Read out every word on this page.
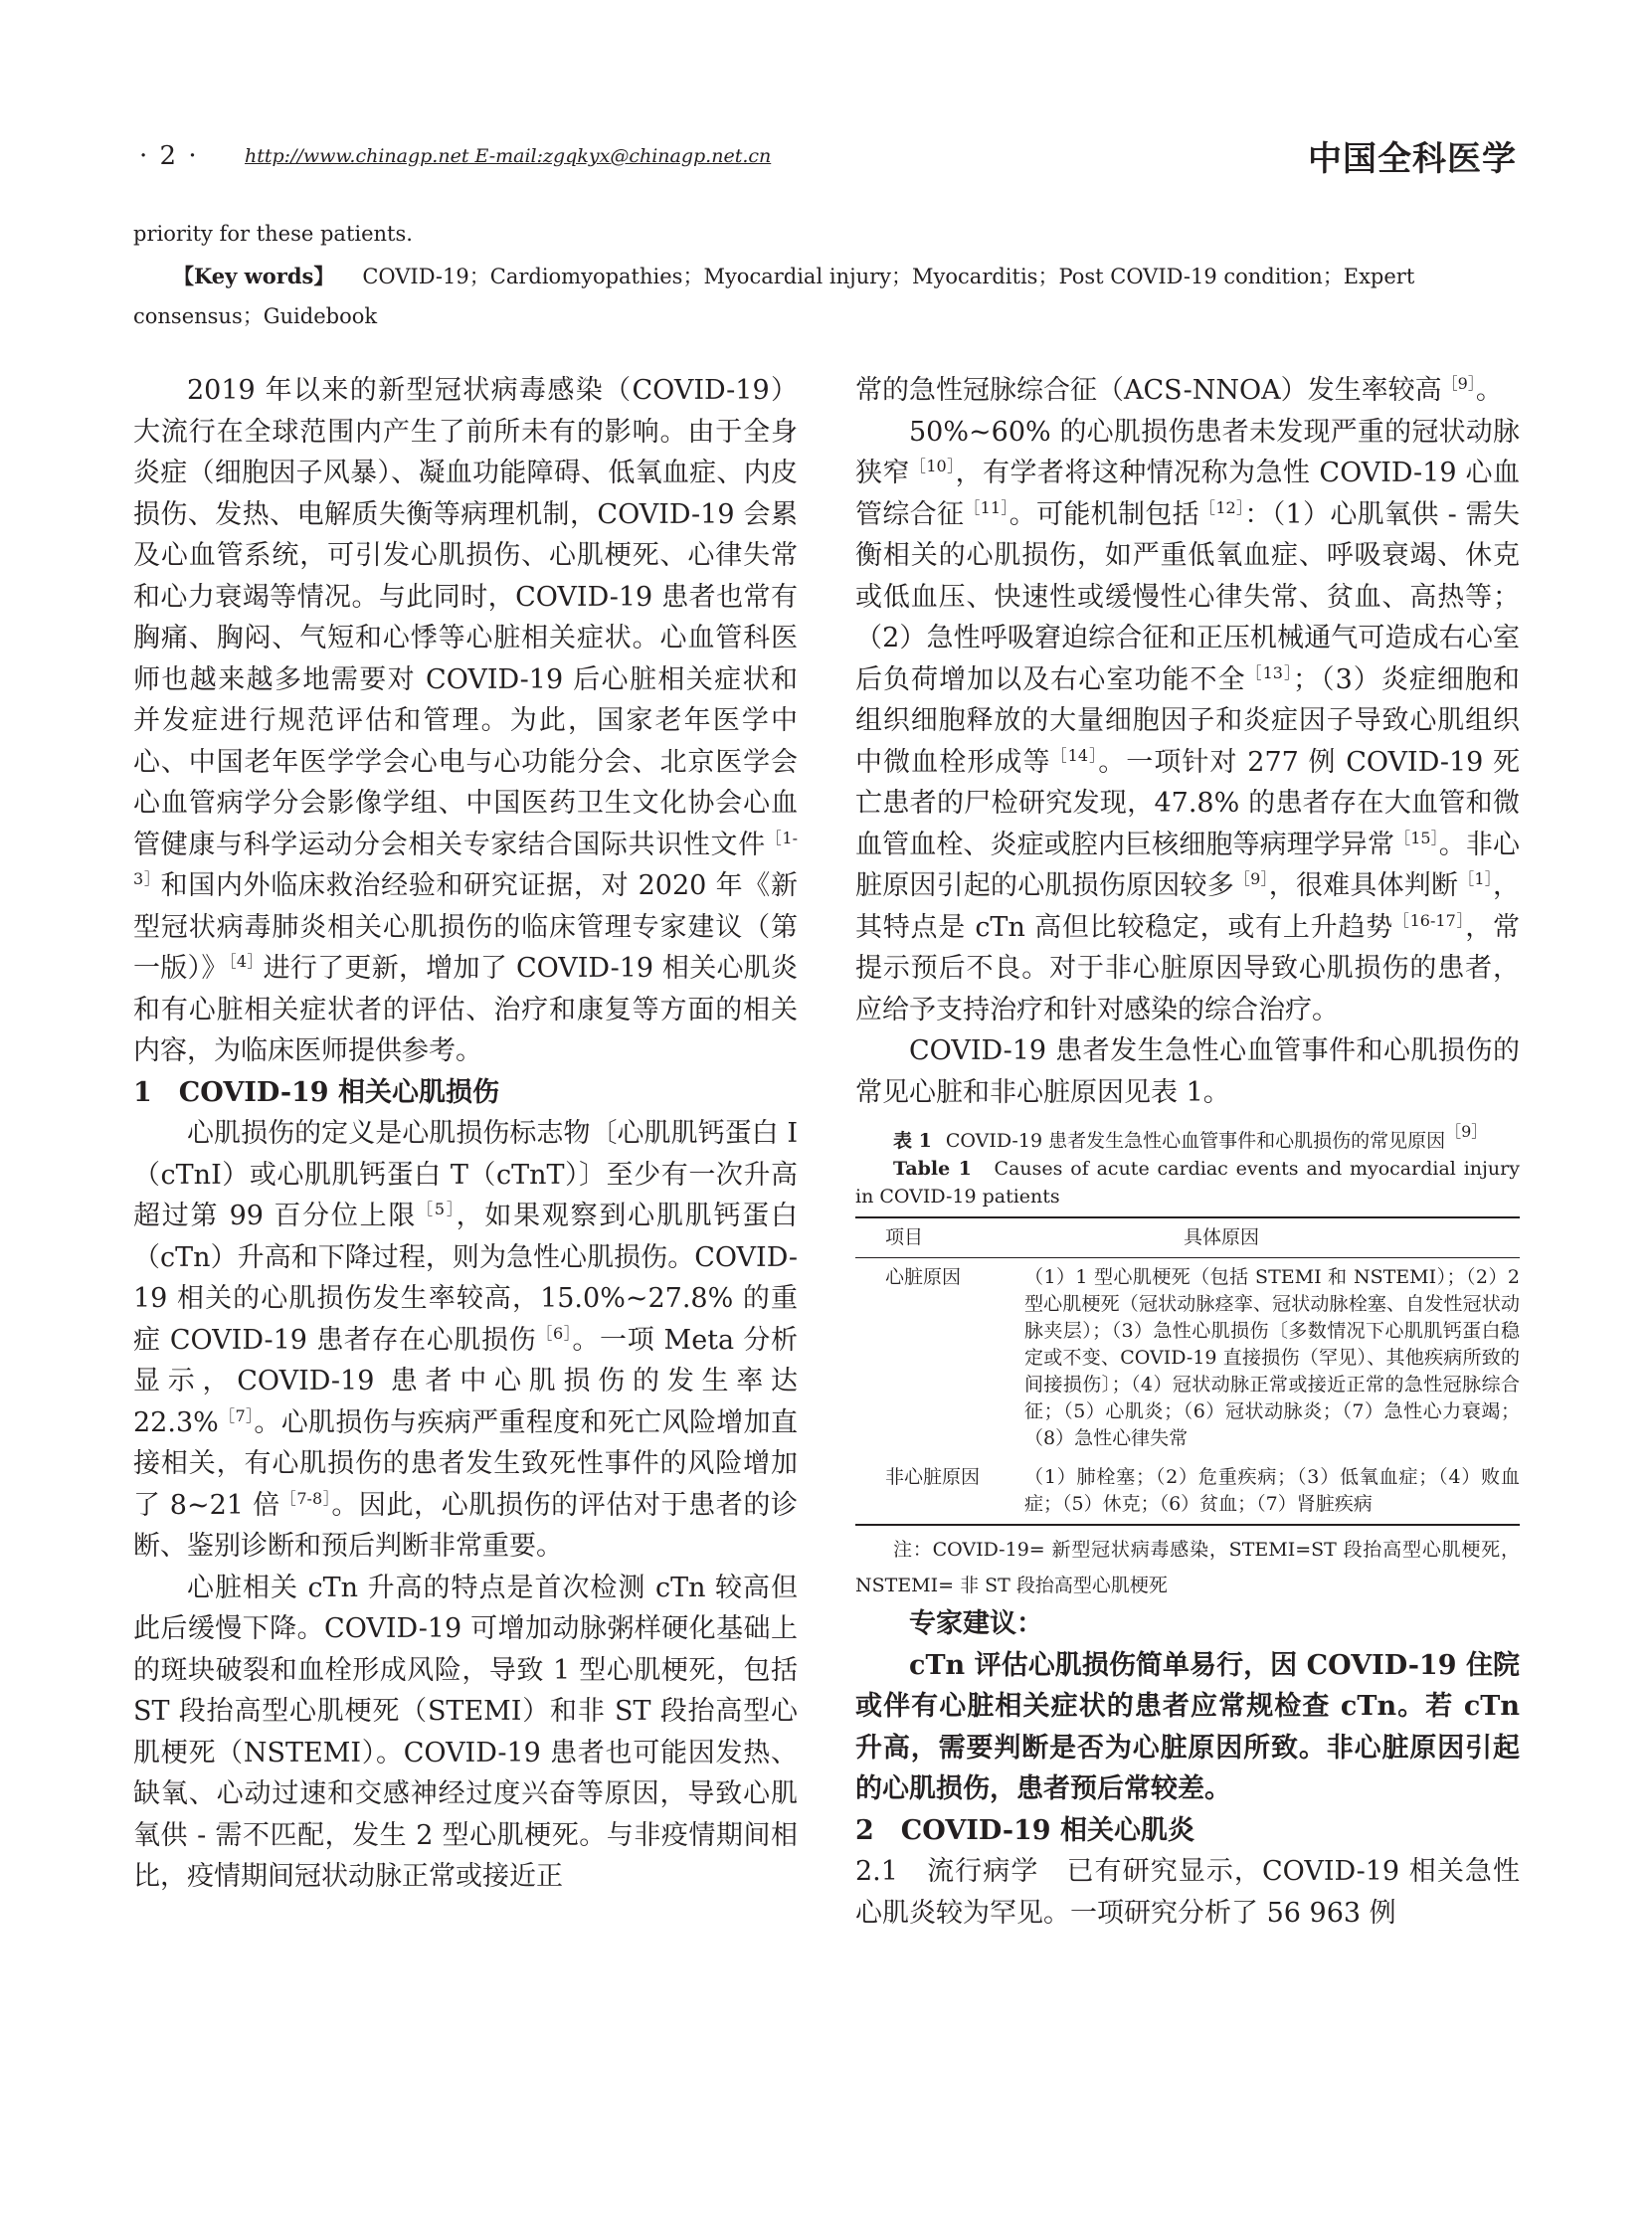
· 2 · http://www.chinagp.net E-mail:zgqkyx@chinagp.net.cn	中国全科医学
priority for these patients.
【Key words】 COVID-19；Cardiomyopathies；Myocardial injury；Myocarditis；Post COVID-19 condition；Expert consensus；Guidebook

2019 年以来的新型冠状病毒感染（COVID-19）大流行在全球范围内产生了前所未有的影响。由于全身炎症（细胞因子风暴）、凝血功能障碍、低氧血症、内皮损伤、发热、电解质失衡等病理机制，COVID-19 会累及心血管系统，可引发心肌损伤、心肌梗死、心律失常和心力衰竭等情况。与此同时，COVID-19 患者也常有胸痛、胸闷、气短和心悸等心脏相关症状。心血管科医师也越来越多地需要对 COVID-19 后心脏相关症状和并发症进行规范评估和管理。为此，国家老年医学中心、中国老年医学学会心电与心功能分会、北京医学会心血管病学分会影像学组、中国医药卫生文化协会心血管健康与科学运动分会相关专家结合国际共识性文件$^{[1-3]}$和国内外临床救治经验和研究证据，对 2020 年《新型冠状病毒肺炎相关心肌损伤的临床管理专家建议（第一版）》$^{[4]}$进行了更新，增加了 COVID-19 相关心肌炎和有心脏相关症状者的评估、治疗和康复等方面的相关内容，为临床医师提供参考。

1　COVID-19 相关心肌损伤

心肌损伤的定义是心肌损伤标志物〔心肌肌钙蛋白 I（cTnI）或心肌肌钙蛋白 T（cTnT）〕至少有一次升高超过第 99 百分位上限$^{[5]}$，如果观察到心肌肌钙蛋白（cTn）升高和下降过程，则为急性心肌损伤。COVID-19 相关的心肌损伤发生率较高，15.0%~27.8% 的重症 COVID-19 患者存在心肌损伤$^{[6]}$。一项 Meta 分析显示，COVID-19 患者中心肌损伤的发生率达 22.3%$^{[7]}$。心肌损伤与疾病严重程度和死亡风险增加直接相关，有心肌损伤的患者发生致死性事件的风险增加了 8~21 倍$^{[7-8]}$。因此，心肌损伤的评估对于患者的诊断、鉴别诊断和预后判断非常重要。

心脏相关 cTn 升高的特点是首次检测 cTn 较高但此后缓慢下降。COVID-19 可增加动脉粥样硬化基础上的斑块破裂和血栓形成风险，导致 1 型心肌梗死，包括 ST 段抬高型心肌梗死（STEMI）和非 ST 段抬高型心肌梗死（NSTEMI）。COVID-19 患者也可能因发热、缺氧、心动过速和交感神经过度兴奋等原因，导致心肌氧供 - 需不匹配，发生 2 型心肌梗死。与非疫情期间相比，疫情期间冠状动脉正常或接近正

常的急性冠脉综合征（ACS-NNOA）发生率较高$^{[9]}$。

50%~60% 的心肌损伤患者未发现严重的冠状动脉狭窄$^{[10]}$，有学者将这种情况称为急性 COVID-19 心血管综合征$^{[11]}$。可能机制包括$^{[12]}$：（1）心肌氧供 - 需失衡相关的心肌损伤，如严重低氧血症、呼吸衰竭、休克或低血压、快速性或缓慢性心律失常、贫血、高热等；（2）急性呼吸窘迫综合征和正压机械通气可造成右心室后负荷增加以及右心室功能不全$^{[13]}$；（3）炎症细胞和组织细胞释放的大量细胞因子和炎症因子导致心肌组织中微血栓形成等$^{[14]}$。一项针对 277 例 COVID-19 死亡患者的尸检研究发现，47.8% 的患者存在大血管和微血管血栓、炎症或腔内巨核细胞等病理学异常$^{[15]}$。非心脏原因引起的心肌损伤原因较多$^{[9]}$，很难具体判断$^{[1]}$，其特点是 cTn 高但比较稳定，或有上升趋势$^{[16-17]}$，常提示预后不良。对于非心脏原因导致心肌损伤的患者，应给予支持治疗和针对感染的综合治疗。

COVID-19 患者发生急性心血管事件和心肌损伤的常见心脏和非心脏原因见表 1。

表 1 COVID-19 患者发生急性心血管事件和心肌损伤的常见原因$^{[9]}$

Table 1　 Causes of acute cardiac events and myocardial injury in COVID-19 patients

项目	具体原因
心脏原因	（1）1 型心肌梗死（包括 STEMI 和 NSTEMI）；（2）2 型心肌梗死（冠状动脉痉挛、冠状动脉栓塞、自发性冠状动脉夹层）；（3）急性心肌损伤〔多数情况下心肌肌钙蛋白稳定或不变、COVID-19 直接损伤（罕见）、其他疾病所致的间接损伤〕；（4）冠状动脉正常或接近正常的急性冠脉综合征；（5）心肌炎；（6）冠状动脉炎；（7）急性心力衰竭；（8）急性心律失常
非心脏原因	（1）肺栓塞；（2）危重疾病；（3）低氧血症；（4）败血症；（5）休克；（6）贫血；（7）肾脏疾病

注：COVID-19= 新型冠状病毒感染，STEMI=ST 段抬高型心肌梗死，NSTEMI= 非 ST 段抬高型心肌梗死

专家建议：

cTn 评估心肌损伤简单易行，因 COVID-19 住院或伴有心脏相关症状的患者应常规检查 cTn。若 cTn 升高，需要判断是否为心脏原因所致。非心脏原因引起的心肌损伤，患者预后常较差。

2　COVID-19 相关心肌炎

2.1　流行病学　已有研究显示，COVID-19 相关急性心肌炎较为罕见。一项研究分析了 56 963 例
